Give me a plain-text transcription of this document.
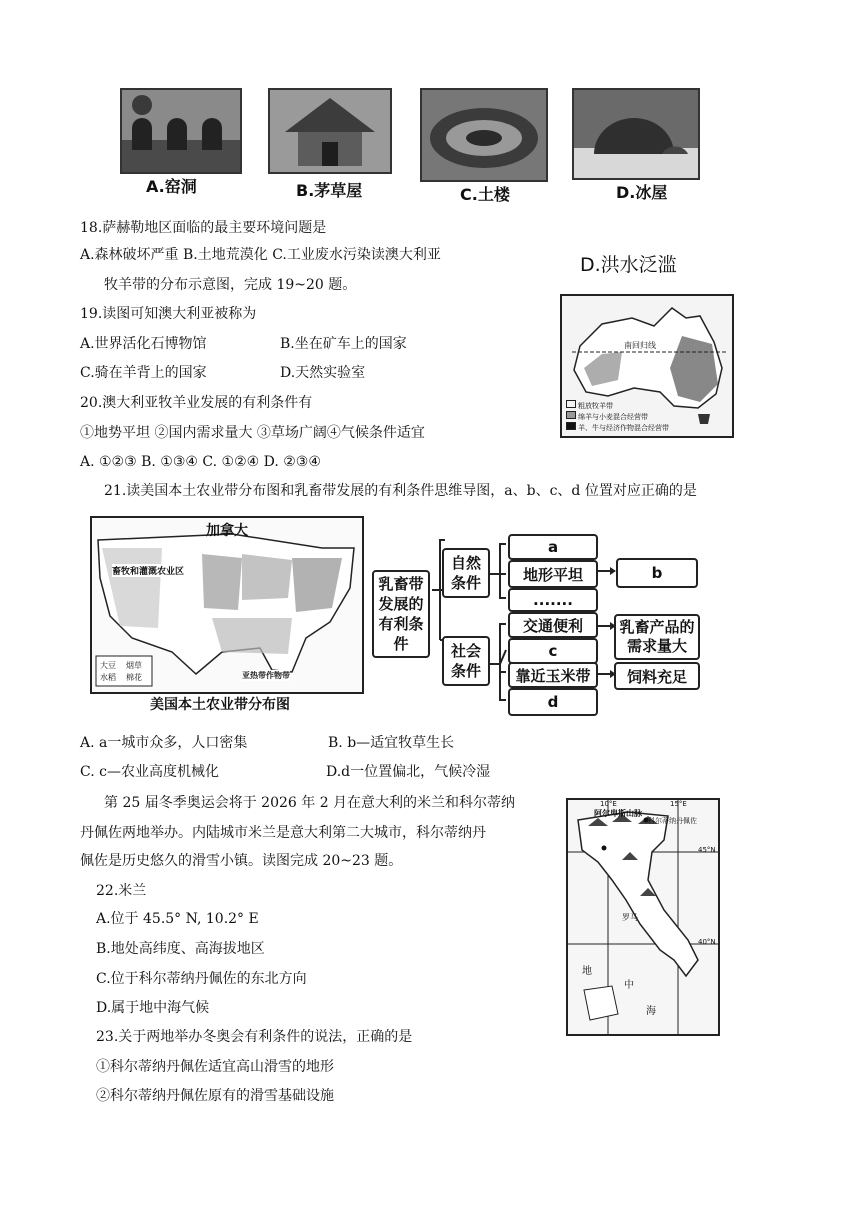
A.窑洞	B.茅草屋	C.土楼	D.冰屋
18.萨赫勒地区面临的最主要环境问题是
A.森林破坏严重 B.土地荒漠化 C.工业废水污染读澳大利亚	D.洪水泛滥
牧羊带的分布示意图，完成 19~20 题。
19.读图可知澳大利亚被称为
A.世界活化石博物馆	B.坐在矿车上的国家
C.骑在羊背上的国家	D.天然实验室
20.澳大利亚牧羊业发展的有利条件有
①地势平坦 ②国内需求量大 ③草场广阔④气候条件适宜
A. ①②③ B. ①③④ C. ①②④ D. ②③④
南回归线
粗放牧羊带
绵羊与小麦混合经营带
羊、牛与经济作物混合经营带
21.读美国本土农业带分布图和乳畜带发展的有利条件思维导图，a、b、c、d 位置对应正确的是
加拿大
畜牧和灌溉农业区
亚热带作物带
大豆 烟草
水稻 棉花
美国本土农业带分布图
乳畜带发展的有利条件
自然条件
社会条件
a
地形平坦	b
.......
交通便利
c
靠近玉米带
d
乳畜产品的需求量大
饲料充足
A. a一城市众多，人口密集	B. b—适宜牧草生长
C. c—农业高度机械化	D.d一位置偏北，气候冷湿
第 25 届冬季奥运会将于 2026 年 2 月在意大利的米兰和科尔蒂纳
丹佩佐两地举办。内陆城市米兰是意大利第二大城市，科尔蒂纳丹
佩佐是历史悠久的滑雪小镇。读图完成 20~23 题。
22.米兰
A.位于 45.5° N, 10.2° E
B.地处高纬度、高海拔地区
C.位于科尔蒂纳丹佩佐的东北方向
D.属于地中海气候
10°E	15°E
45°N
40°N
阿尔卑斯山脉
科尔蒂纳丹佩佐
罗马
地
中
海
23.关于两地举办冬奥会有利条件的说法，正确的是
①科尔蒂纳丹佩佐适宜高山滑雪的地形
②科尔蒂纳丹佩佐原有的滑雪基础设施
